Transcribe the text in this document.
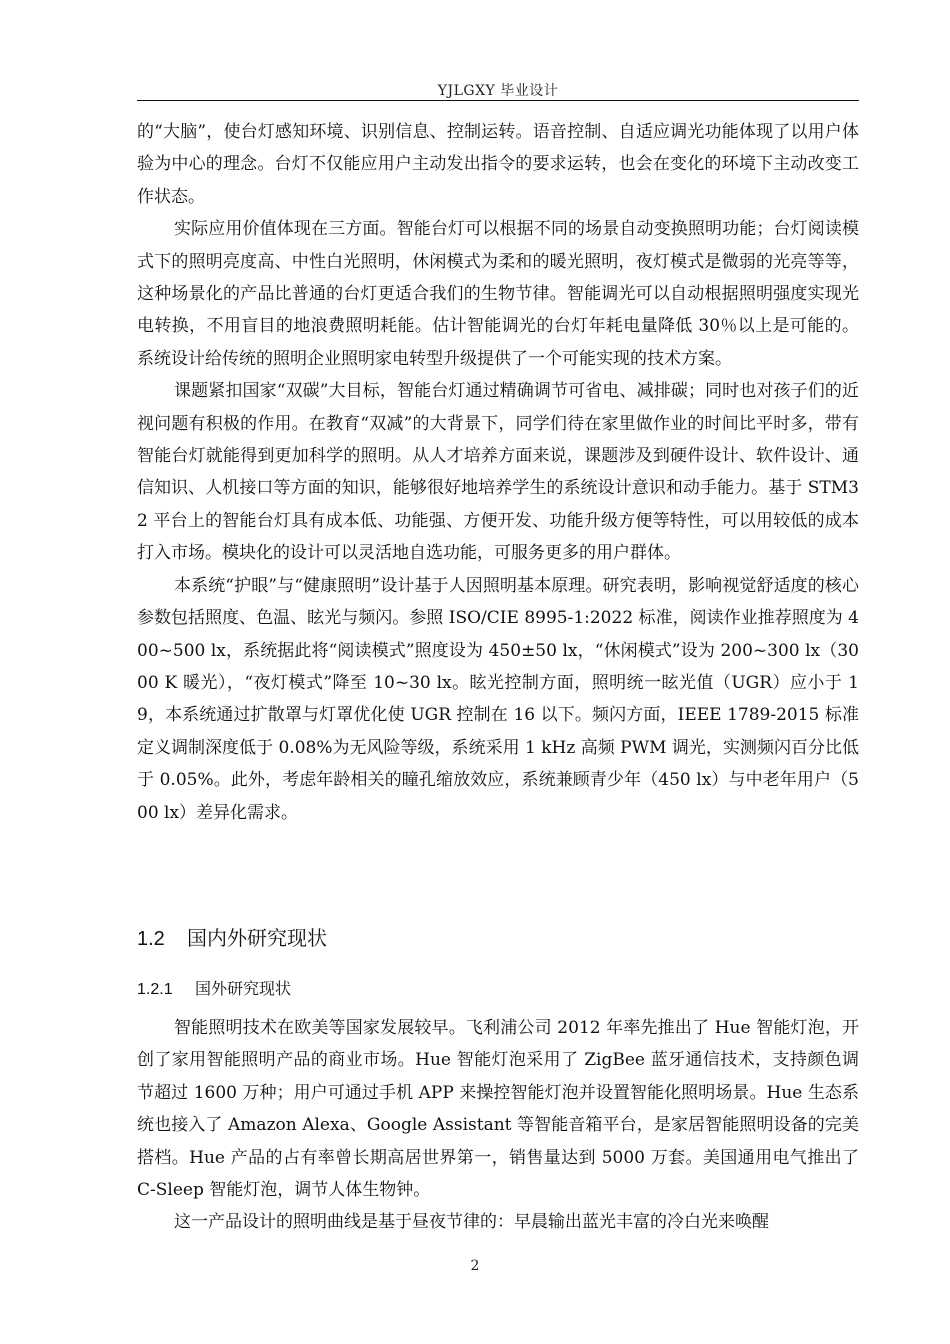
YJLGXY 毕业设计

的“大脑”，使台灯感知环境、识别信息、控制运转。语音控制、自适应调光功能体现了以用户体验为中心的理念。台灯不仅能应用户主动发出指令的要求运转，也会在变化的环境下主动改变工作状态。

实际应用价值体现在三方面。智能台灯可以根据不同的场景自动变换照明功能；台灯阅读模式下的照明亮度高、中性白光照明，休闲模式为柔和的暖光照明，夜灯模式是微弱的光亮等等，这种场景化的产品比普通的台灯更适合我们的生物节律。智能调光可以自动根据照明强度实现光电转换，不用盲目的地浪费照明耗能。估计智能调光的台灯年耗电量降低 30％以上是可能的。系统设计给传统的照明企业照明家电转型升级提供了一个可能实现的技术方案。

课题紧扣国家“双碳”大目标，智能台灯通过精确调节可省电、减排碳；同时也对孩子们的近视问题有积极的作用。在教育“双减”的大背景下，同学们待在家里做作业的时间比平时多，带有智能台灯就能得到更加科学的照明。从人才培养方面来说，课题涉及到硬件设计、软件设计、通信知识、人机接口等方面的知识，能够很好地培养学生的系统设计意识和动手能力。基于 STM32 平台上的智能台灯具有成本低、功能强、方便开发、功能升级方便等特性，可以用较低的成本打入市场。模块化的设计可以灵活地自选功能，可服务更多的用户群体。

本系统“护眼”与“健康照明”设计基于人因照明基本原理。研究表明，影响视觉舒适度的核心参数包括照度、色温、眩光与频闪。参照 ISO/CIE 8995-1:2022 标准，阅读作业推荐照度为 400~500 lx，系统据此将“阅读模式”照度设为 450±50 lx，“休闲模式”设为 200~300 lx（3000 K 暖光），“夜灯模式”降至 10~30 lx。眩光控制方面，照明统一眩光值（UGR）应小于 19，本系统通过扩散罩与灯罩优化使 UGR 控制在 16 以下。频闪方面，IEEE 1789-2015 标准定义调制深度低于 0.08%为无风险等级，系统采用 1 kHz 高频 PWM 调光，实测频闪百分比低于 0.05%。此外，考虑年龄相关的瞳孔缩放效应，系统兼顾青少年（450 lx）与中老年用户（500 lx）差异化需求。

1.2 国内外研究现状
1.2.1 国外研究现状

智能照明技术在欧美等国家发展较早。飞利浦公司 2012 年率先推出了 Hue 智能灯泡，开创了家用智能照明产品的商业市场。Hue 智能灯泡采用了 ZigBee 蓝牙通信技术，支持颜色调节超过 1600 万种；用户可通过手机 APP 来操控智能灯泡并设置智能化照明场景。Hue 生态系统也接入了 Amazon Alexa、Google Assistant 等智能音箱平台，是家居智能照明设备的完美搭档。Hue 产品的占有率曾长期高居世界第一，销售量达到 5000 万套。美国通用电气推出了 C-Sleep 智能灯泡，调节人体生物钟。

这一产品设计的照明曲线是基于昼夜节律的：早晨输出蓝光丰富的冷白光来唤醒

2
